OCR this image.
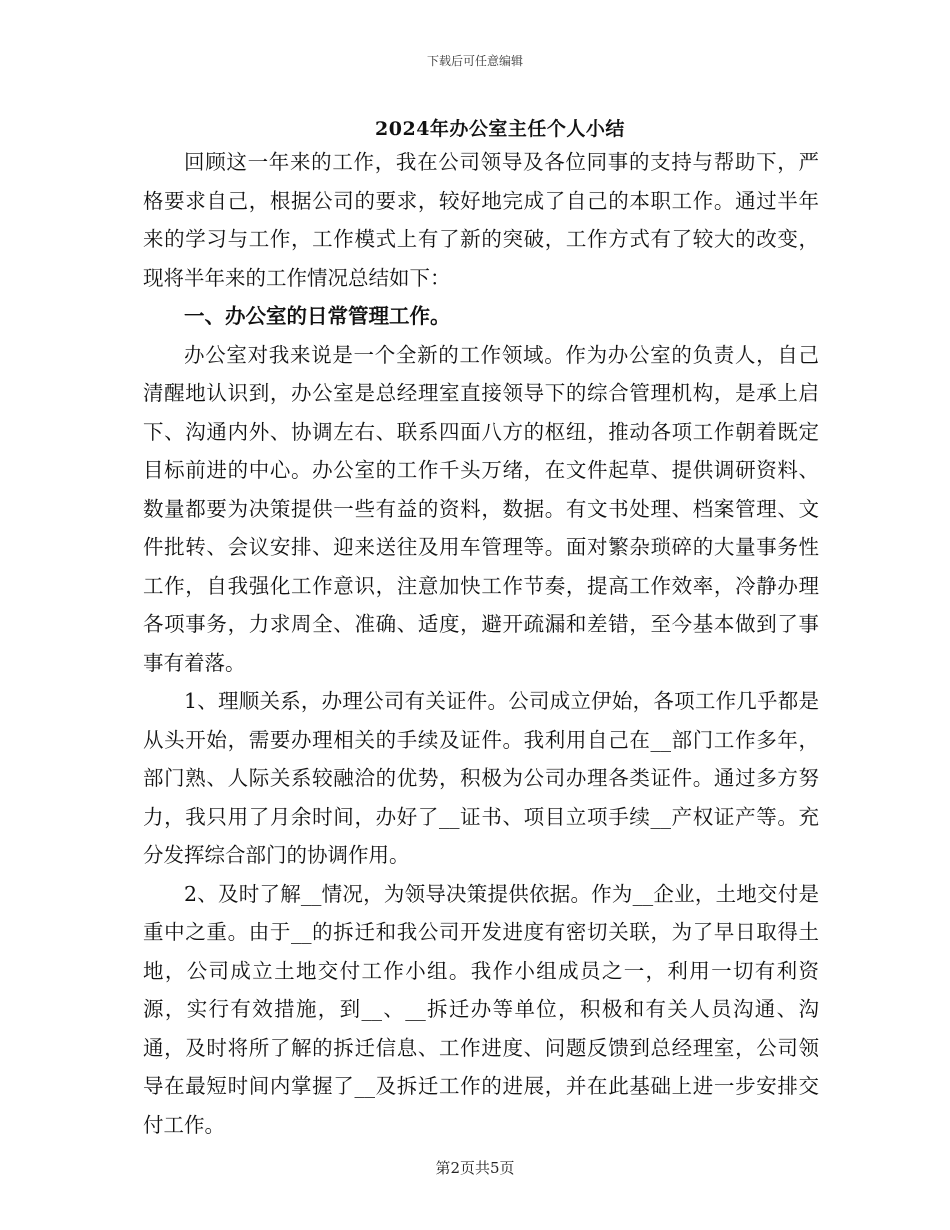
下载后可任意编辑
2024年办公室主任个人小结

回顾这一年来的工作，我在公司领导及各位同事的支持与帮助下，严格要求自己，根据公司的要求，较好地完成了自己的本职工作。通过半年来的学习与工作，工作模式上有了新的突破，工作方式有了较大的改变，现将半年来的工作情况总结如下：

一、办公室的日常管理工作。

办公室对我来说是一个全新的工作领域。作为办公室的负责人，自己清醒地认识到，办公室是总经理室直接领导下的综合管理机构，是承上启下、沟通内外、协调左右、联系四面八方的枢纽，推动各项工作朝着既定目标前进的中心。办公室的工作千头万绪，在文件起草、提供调研资料、数量都要为决策提供一些有益的资料，数据。有文书处理、档案管理、文件批转、会议安排、迎来送往及用车管理等。面对繁杂琐碎的大量事务性工作，自我强化工作意识，注意加快工作节奏，提高工作效率，冷静办理各项事务，力求周全、准确、适度，避开疏漏和差错，至今基本做到了事事有着落。

1、理顺关系，办理公司有关证件。公司成立伊始，各项工作几乎都是从头开始，需要办理相关的手续及证件。我利用自己在__部门工作多年，部门熟、人际关系较融洽的优势，积极为公司办理各类证件。通过多方努力，我只用了月余时间，办好了__证书、项目立项手续__产权证产等。充分发挥综合部门的协调作用。

2、及时了解__情况，为领导决策提供依据。作为__企业，土地交付是重中之重。由于__的拆迁和我公司开发进度有密切关联，为了早日取得土地，公司成立土地交付工作小组。我作小组成员之一，利用一切有利资源，实行有效措施，到__、__拆迁办等单位，积极和有关人员沟通、沟通，及时将所了解的拆迁信息、工作进度、问题反馈到总经理室，公司领导在最短时间内掌握了__及拆迁工作的进展，并在此基础上进一步安排交付工作。

第2页共5页
